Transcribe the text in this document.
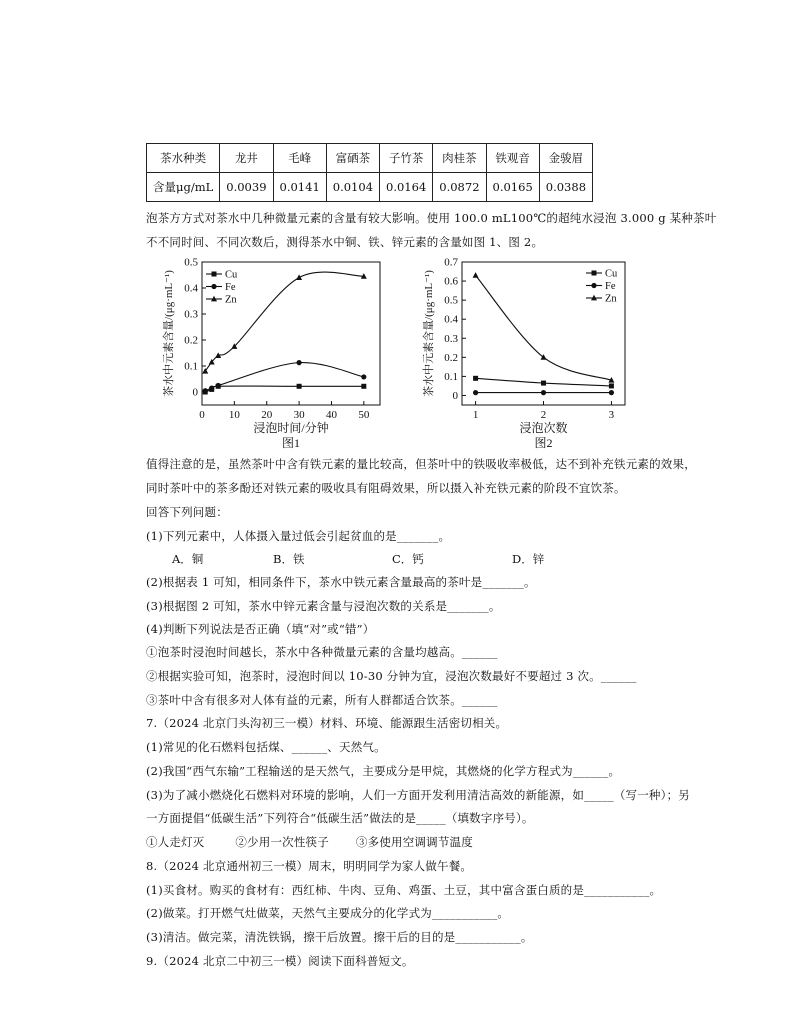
茶水种类	龙井	毛峰	富硒茶	子竹茶	肉桂茶	铁观音	金骏眉
含量μg/mL	0.0039	0.0141	0.0104	0.0164	0.0872	0.0165	0.0388
泡茶方方式对茶水中几种微量元素的含量有较大影响。使用 100.0 mL100℃的超纯水浸泡 3.000 g 某种茶叶
不不同时间、不同次数后，测得茶水中铜、铁、锌元素的含量如图 1、图 2。
0
0.1
0.2
0.3
0.4
0.5
0 10 20 30 40 50
浸泡时间/分钟
图1
茶水中元素含量/(μg·mL⁻¹)	Cu
Fe
Zn
0
0.1
0.2
0.3
0.4
0.5
0.6
0.7
1	2	3
浸泡次数
图2
茶水中元素含量/(μg·mL⁻¹)	Cu
Fe
Zn
值得注意的是，虽然茶叶中含有铁元素的量比较高，但茶叶中的铁吸收率极低，达不到补充铁元素的效果，
同时茶叶中的茶多酚还对铁元素的吸收具有阻碍效果，所以摄入补充铁元素的阶段不宜饮茶。
回答下列问题：
(1)下列元素中，人体摄入量过低会引起贫血的是_______。
A．铜	B．铁	C．钙	D．锌
(2)根据表 1 可知，相同条件下，茶水中铁元素含量最高的茶叶是_______。
(3)根据图 2 可知，茶水中锌元素含量与浸泡次数的关系是_______。
(4)判断下列说法是否正确（填“对”或“错”）
①泡茶时浸泡时间越长，茶水中各种微量元素的含量均越高。______
②根据实验可知，泡茶时，浸泡时间以 10-30 分钟为宜，浸泡次数最好不要超过 3 次。______
③茶叶中含有很多对人体有益的元素，所有人群都适合饮茶。______
7.（2024 北京门头沟初三一模）材料、环境、能源跟生活密切相关。
(1)常见的化石燃料包括煤、______、天然气。
(2)我国“西气东输”工程输送的是天然气，主要成分是甲烷，其燃烧的化学方程式为______。
(3)为了减小燃烧化石燃料对环境的影响，人们一方面开发利用清洁高效的新能源，如_____（写一种）；另
一方面提倡“低碳生活”下列符合“低碳生活”做法的是_____（填数字序号）。
①人走灯灭        ②少用一次性筷子       ③多使用空调调节温度
8.（2024 北京通州初三一模）周末，明明同学为家人做午餐。
(1)买食材。购买的食材有：西红柿、牛肉、豆角、鸡蛋、土豆，其中富含蛋白质的是___________。
(2)做菜。打开燃气灶做菜，天然气主要成分的化学式为___________。
(3)清洁。做完菜，清洗铁锅，擦干后放置。擦干后的目的是___________。
9.（2024 北京二中初三一模）阅读下面科普短文。
